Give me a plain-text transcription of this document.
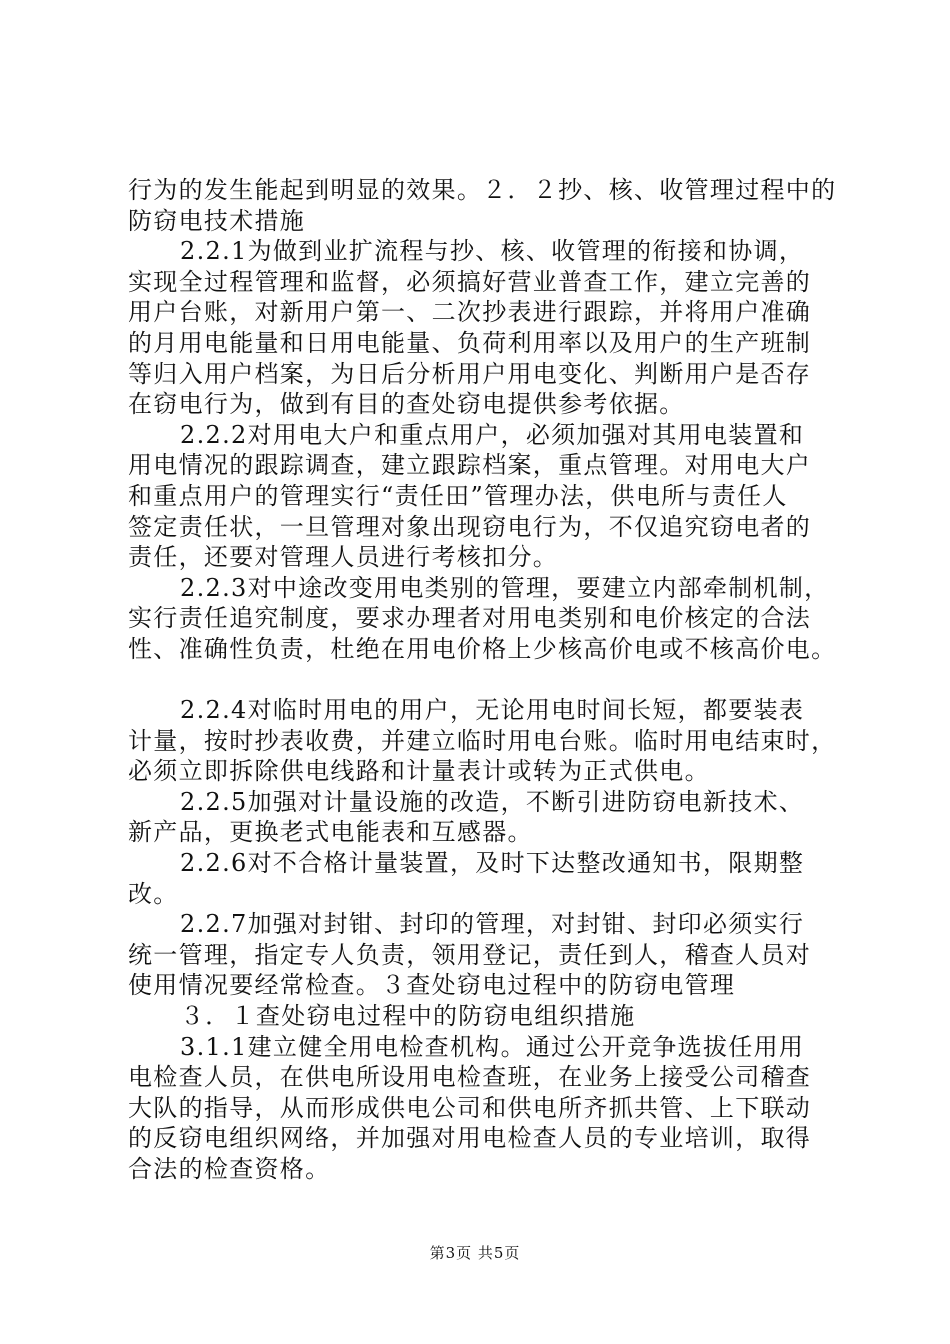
行为的发生能起到明显的效果。２．２抄、核、收管理过程中的
防窃电技术措施
2.2.1为做到业扩流程与抄、核、收管理的衔接和协调，
实现全过程管理和监督，必须搞好营业普查工作，建立完善的
用户台账，对新用户第一、二次抄表进行跟踪，并将用户准确
的月用电能量和日用电能量、负荷利用率以及用户的生产班制
等归入用户档案，为日后分析用户用电变化、判断用户是否存
在窃电行为，做到有目的查处窃电提供参考依据。
2.2.2对用电大户和重点用户，必须加强对其用电装置和
用电情况的跟踪调查，建立跟踪档案，重点管理。对用电大户
和重点用户的管理实行“责任田”管理办法，供电所与责任人
签定责任状，一旦管理对象出现窃电行为，不仅追究窃电者的
责任，还要对管理人员进行考核扣分。
2.2.3对中途改变用电类别的管理，要建立内部牵制机制，
实行责任追究制度，要求办理者对用电类别和电价核定的合法
性、准确性负责，杜绝在用电价格上少核高价电或不核高价电。
2.2.4对临时用电的用户，无论用电时间长短，都要装表
计量，按时抄表收费，并建立临时用电台账。临时用电结束时，
必须立即拆除供电线路和计量表计或转为正式供电。
2.2.5加强对计量设施的改造，不断引进防窃电新技术、
新产品，更换老式电能表和互感器。
2.2.6对不合格计量装置，及时下达整改通知书，限期整
改。
2.2.7加强对封钳、封印的管理，对封钳、封印必须实行
统一管理，指定专人负责，领用登记，责任到人，稽查人员对
使用情况要经常检查。３查处窃电过程中的防窃电管理
３．１查处窃电过程中的防窃电组织措施
3.1.1建立健全用电检查机构。通过公开竞争选拔任用用
电检查人员，在供电所设用电检查班，在业务上接受公司稽查
大队的指导，从而形成供电公司和供电所齐抓共管、上下联动
的反窃电组织网络，并加强对用电检查人员的专业培训，取得
合法的检查资格。
第3页 共5页
